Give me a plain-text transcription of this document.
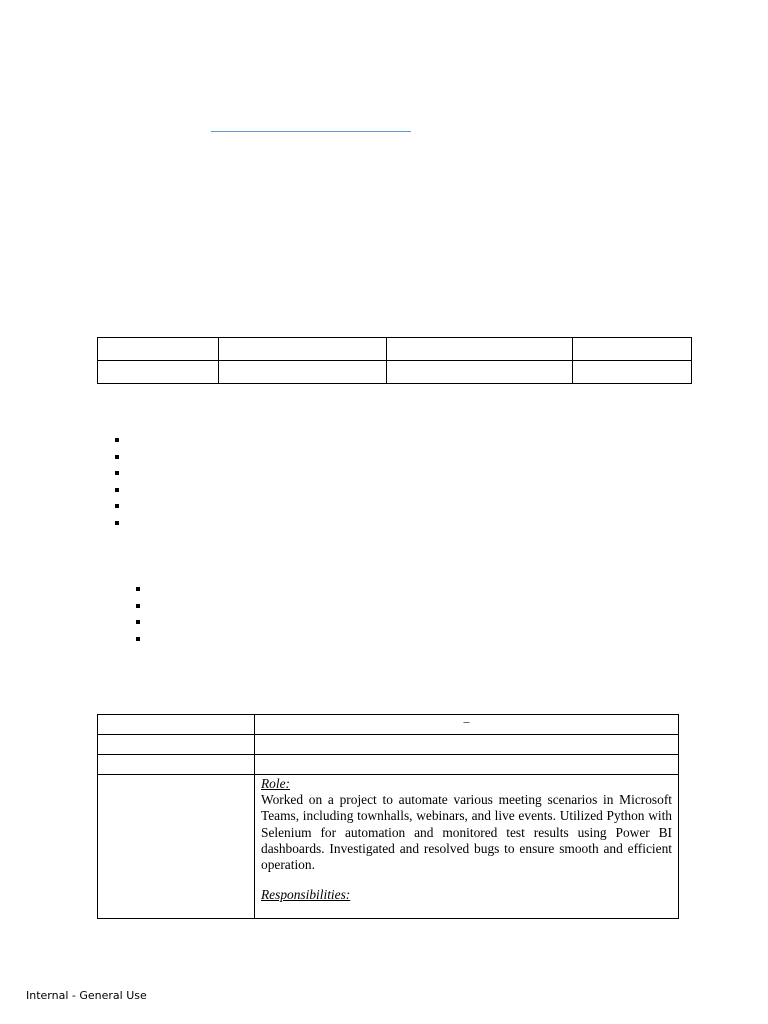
	–

	Role:

Worked on a project to automate various meeting scenarios in Microsoft Teams, including townhalls, webinars, and live events. Utilized Python with Selenium for automation and monitored test results using Power BI dashboards. Investigated and resolved bugs to ensure smooth and efficient operation.

Responsibilities:

Internal - General Use
